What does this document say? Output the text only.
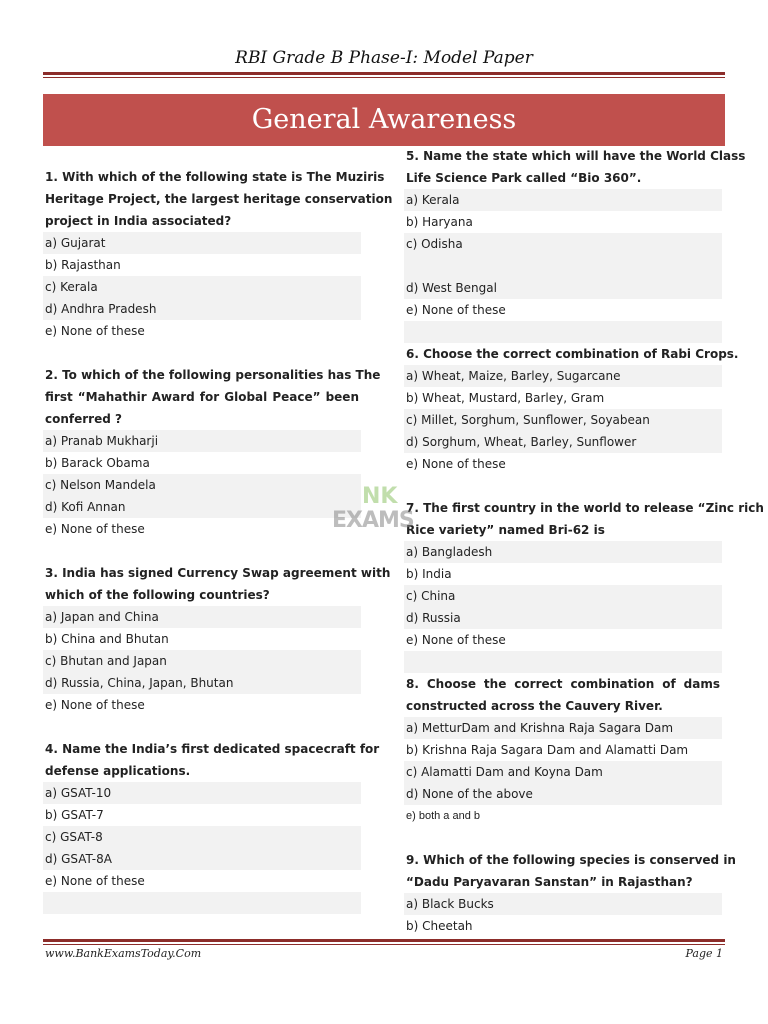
RBI Grade B Phase-I: Model Paper
General Awareness
1. With which of the following state is The Muziris
Heritage Project, the largest heritage conservation
project in India associated?
a) Gujarat
b) Rajasthan
c) Kerala
d) Andhra Pradesh
e) None of these
2. To which of the following personalities has The
first “Mahathir Award for Global Peace” been
conferred ?
a) Pranab Mukharji
b) Barack Obama
c) Nelson Mandela
d) Kofi Annan
e) None of these
3. India has signed Currency Swap agreement with
which of the following countries?
a) Japan and China
b) China and Bhutan
c) Bhutan and Japan
d) Russia, China, Japan, Bhutan
e) None of these
4. Name the India’s first dedicated spacecraft for
defense applications.
a) GSAT-10
b) GSAT-7
c) GSAT-8
d) GSAT-8A
e) None of these
5. Name the state which will have the World Class
Life Science Park called “Bio 360”.
a) Kerala
b) Haryana
c) Odisha
d) West Bengal
e) None of these
6. Choose the correct combination of Rabi Crops.
a) Wheat, Maize, Barley, Sugarcane
b) Wheat, Mustard, Barley, Gram
c) Millet, Sorghum, Sunflower, Soyabean
d) Sorghum, Wheat, Barley, Sunflower
e) None of these
7. The first country in the world to release “Zinc rich
Rice variety” named Bri-62 is
a) Bangladesh
b) India
c) China
d) Russia
e) None of these
8. Choose the correct combination of dams
constructed across the Cauvery River.
a) MetturDam and Krishna Raja Sagara Dam
b) Krishna Raja Sagara Dam and Alamatti Dam
c) Alamatti Dam and Koyna Dam
d) None of the above
e) both a and b
9. Which of the following species is conserved in
“Dadu Paryavaran Sanstan” in Rajasthan?
a) Black Bucks
b) Cheetah
NK
EXAMS
www.BankExamsToday.Com	Page 1
